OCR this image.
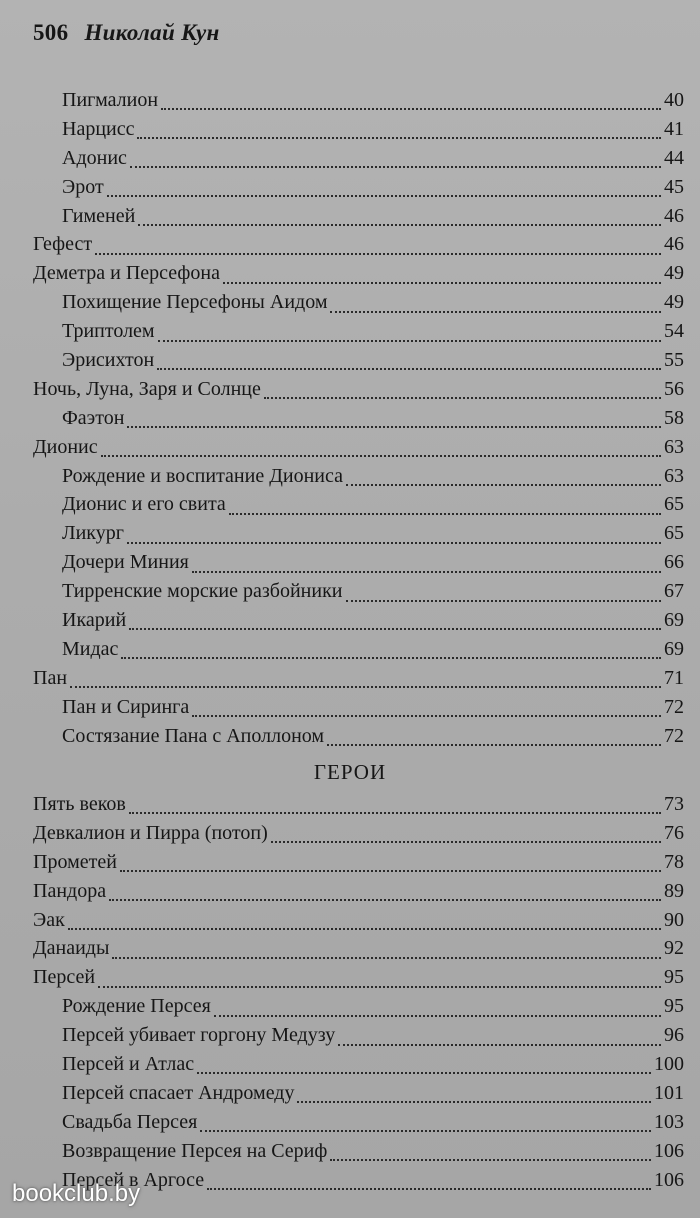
506 Николай Кун
Пигмалион	40
Нарцисс	41
Адонис	44
Эрот	45
Гименей	46
Гефест	46
Деметра и Персефона	49
Похищение Персефоны Аидом	49
Триптолем	54
Эрисихтон	55
Ночь, Луна, Заря и Солнце	56
Фаэтон	58
Дионис	63
Рождение и воспитание Диониса	63
Дионис и его свита	65
Ликург	65
Дочери Миния	66
Тирренские морские разбойники	67
Икарий	69
Мидас	69
Пан	71
Пан и Сиринга	72
Состязание Пана с Аполлоном	72
ГЕРОИ
Пять веков	73
Девкалион и Пирра (потоп)	76
Прометей	78
Пандора	89
Эак	90
Данаиды	92
Персей	95
Рождение Персея	95
Персей убивает горгону Медузу	96
Персей и Атлас	100
Персей спасает Андромеду	101
Свадьба Персея	103
Возвращение Персея на Сериф	106
Персей в Аргосе	106
bookclub.by
